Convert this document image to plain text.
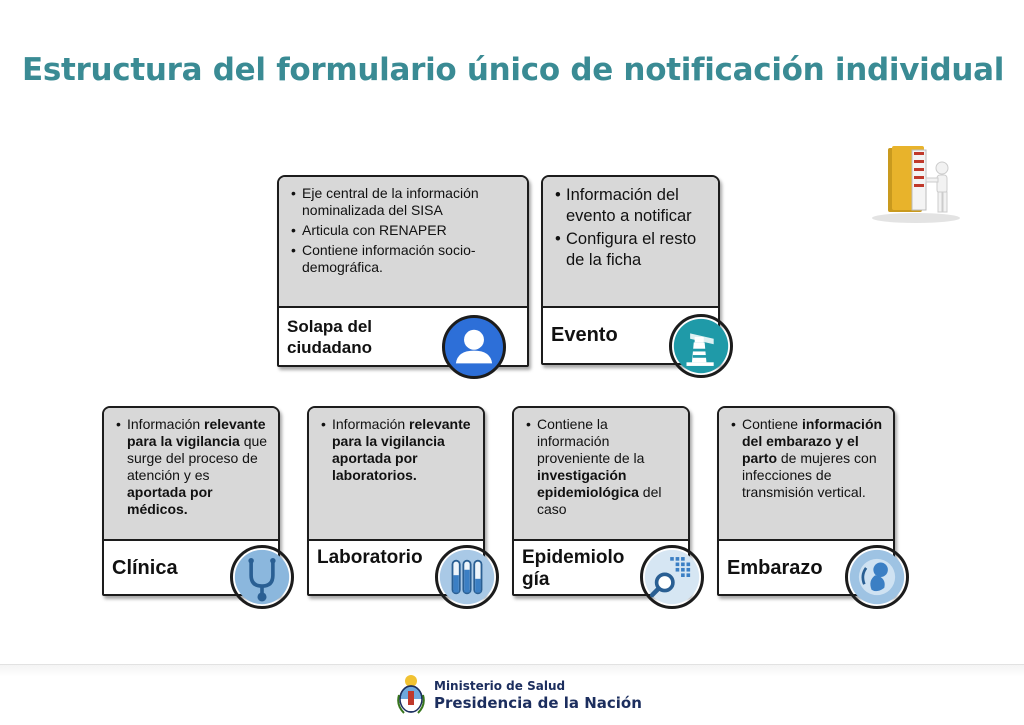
Estructura del formulario único de notificación individual
• Eje central de la información nominalizada del SISA
• Articula con RENAPER
• Contiene información socio-demográfica.
Solapa del ciudadano
• Información del evento a notificar
• Configura el resto de la ficha
Evento
• Información relevante para la vigilancia que surge del proceso de atención y es aportada por médicos.
Clínica
• Información relevante para la vigilancia aportada por laboratorios.
Laboratorio
• Contiene la información proveniente de la investigación epidemiológica del caso
Epidemiología
• Contiene información del embarazo y el parto de mujeres con infecciones de transmisión vertical.
Embarazo
Ministerio de Salud
Presidencia de la Nación
